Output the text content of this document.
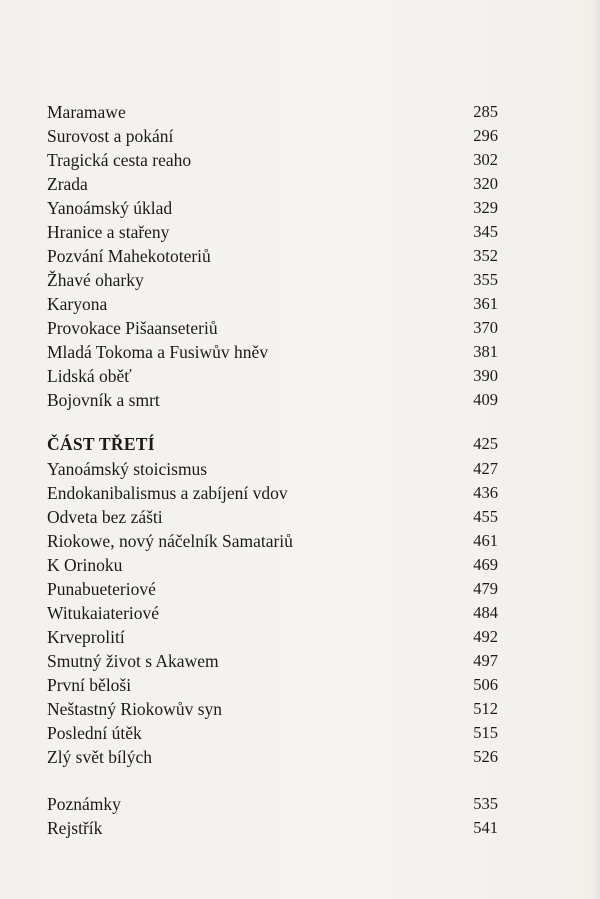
Maramawe	285
Surovost a pokání	296
Tragická cesta reaho	302
Zrada	320
Yanoámský úklad	329
Hranice a stařeny	345
Pozvání Mahekototeriů	352
Žhavé oharky	355
Karyona	361
Provokace Pišaanseteriů	370
Mladá Tokoma a Fusiwův hněv	381
Lidská oběť	390
Bojovník a smrt	409
ČÁST TŘETÍ	425
Yanoámský stoicismus	427
Endokanibalismus a zabíjení vdov	436
Odveta bez zášti	455
Riokowe, nový náčelník Samatariů	461
K Orinoku	469
Punabueteriové	479
Witukaiateriové	484
Krveprolití	492
Smutný život s Akawem	497
První běloši	506
Neštastný Riokowův syn	512
Poslední útěk	515
Zlý svět bílých	526
Poznámky	535
Rejstřík	541
